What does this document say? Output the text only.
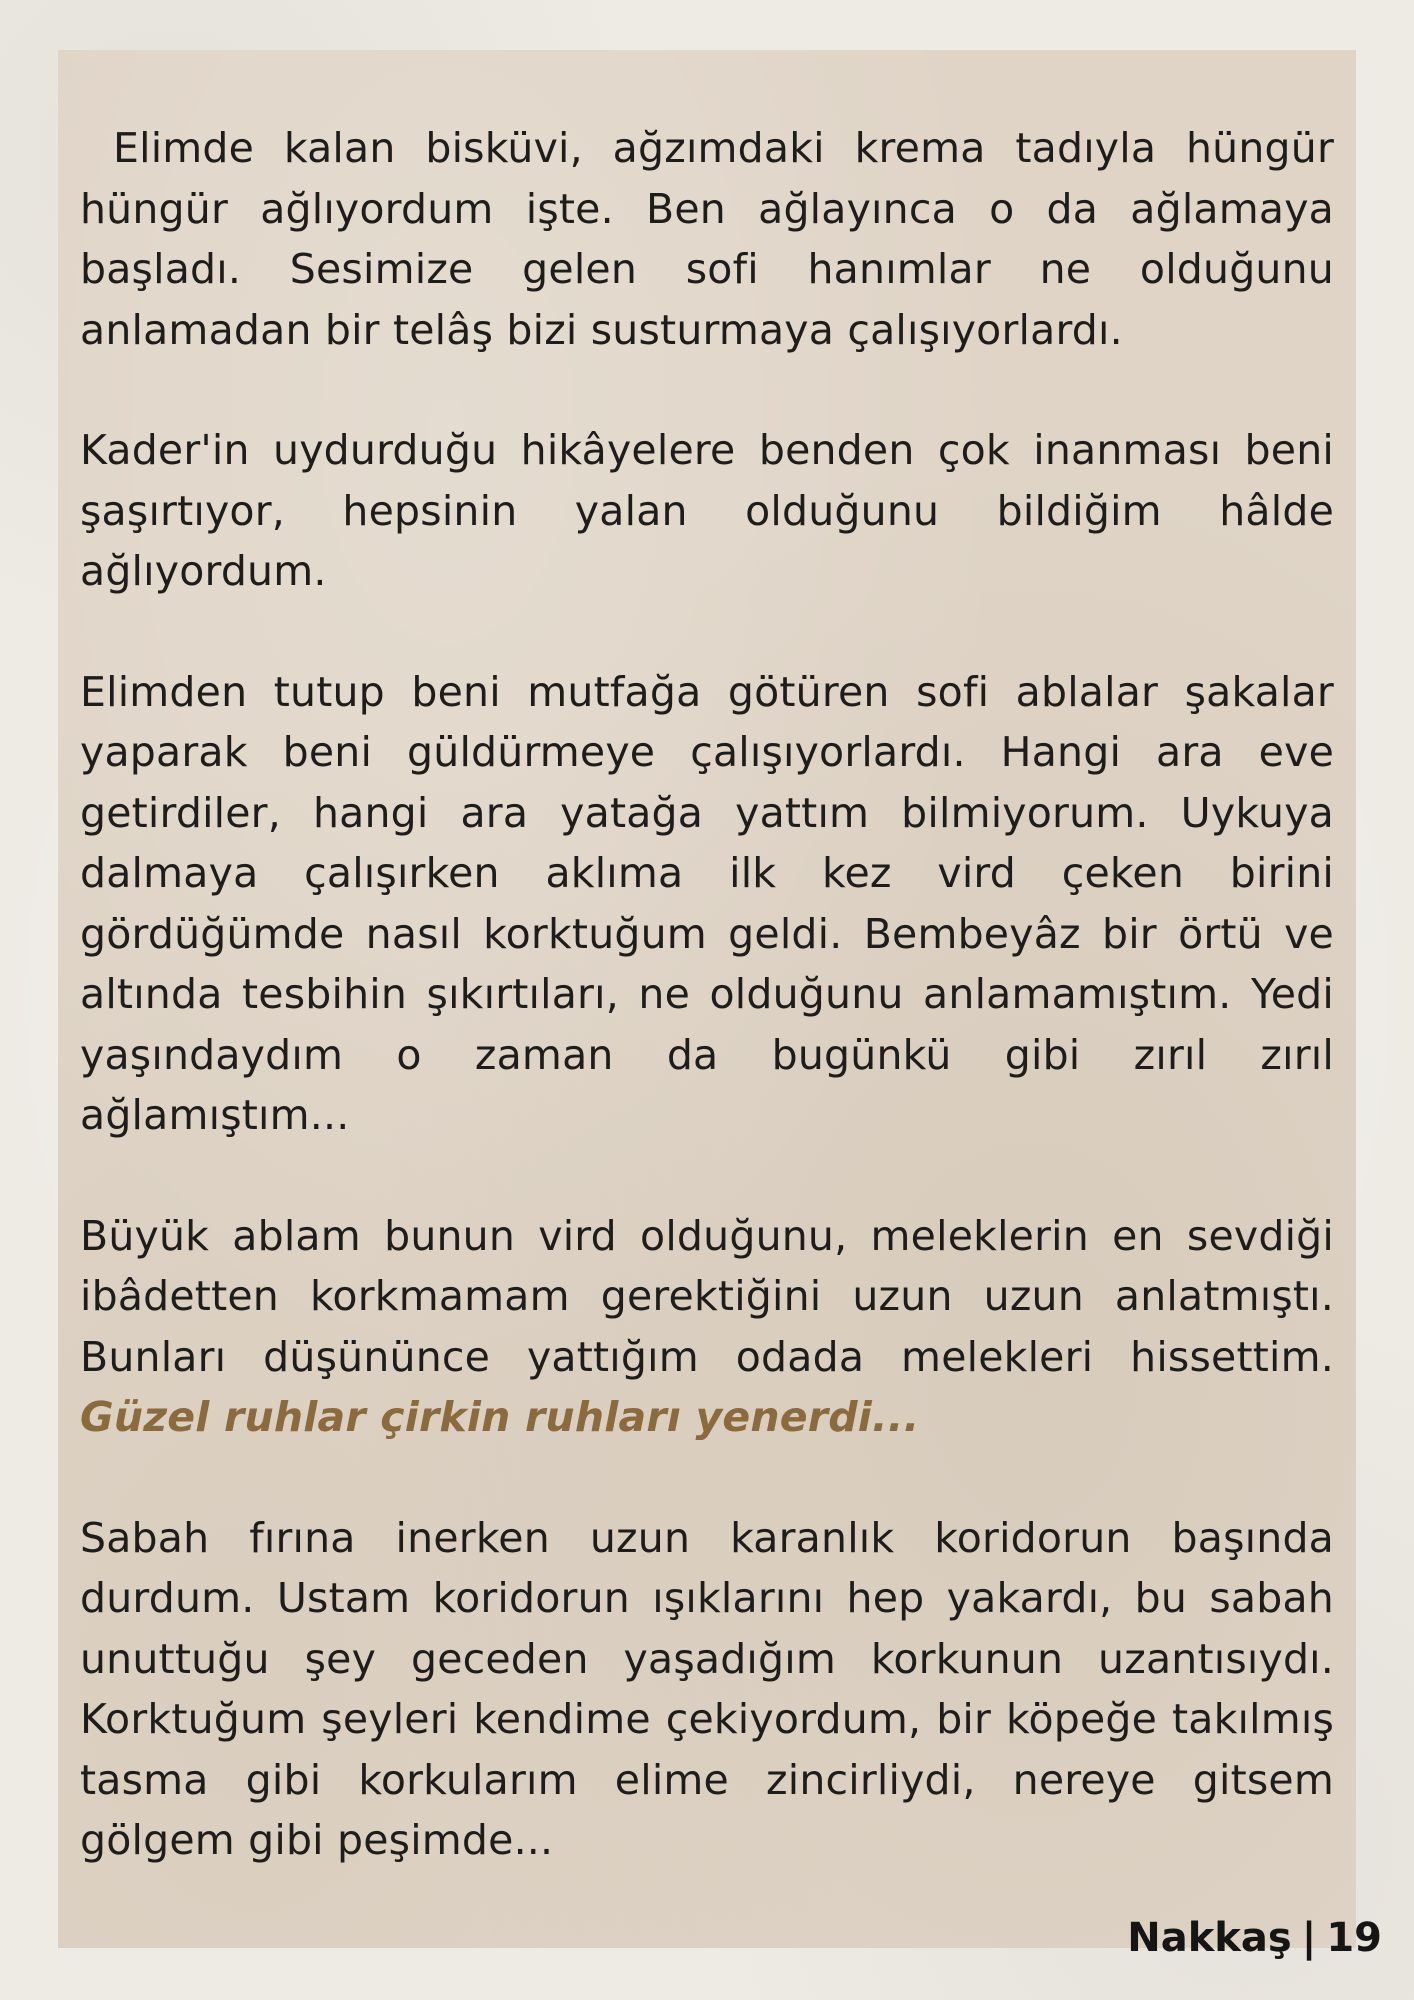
Elimde kalan bisküvi, ağzımdaki krema tadıyla hüngür hüngür ağlıyordum işte. Ben ağlayınca o da ağlamaya başladı. Sesimize gelen sofi hanımlar ne olduğunu anlamadan bir telâş bizi susturmaya çalışıyorlardı.

Kader'in uydurduğu hikâyelere benden çok inanması beni şaşırtıyor, hepsinin yalan olduğunu bildiğim hâlde ağlıyordum.

Elimden tutup beni mutfağa götüren sofi ablalar şakalar yaparak beni güldürmeye çalışıyorlardı. Hangi ara eve getirdiler, hangi ara yatağa yattım bilmiyorum. Uykuya dalmaya çalışırken aklıma ilk kez vird çeken birini gördüğümde nasıl korktuğum geldi. Bembeyâz bir örtü ve altında tesbihin şıkırtıları, ne olduğunu anlamamıştım. Yedi yaşındaydım o zaman da bugünkü gibi zırıl zırıl ağlamıştım...

Büyük ablam bunun vird olduğunu, meleklerin en sevdiği ibâdetten korkmamam gerektiğini uzun uzun anlatmıştı. Bunları düşününce yattığım odada melekleri hissettim. Güzel ruhlar çirkin ruhları yenerdi...

Sabah fırına inerken uzun karanlık koridorun başında durdum. Ustam koridorun ışıklarını hep yakardı, bu sabah unuttuğu şey geceden yaşadığım korkunun uzantısıydı. Korktuğum şeyleri kendime çekiyordum, bir köpeğe takılmış tasma gibi korkularım elime zincirliydi, nereye gitsem gölgem gibi peşimde...

Nakkaş | 19
